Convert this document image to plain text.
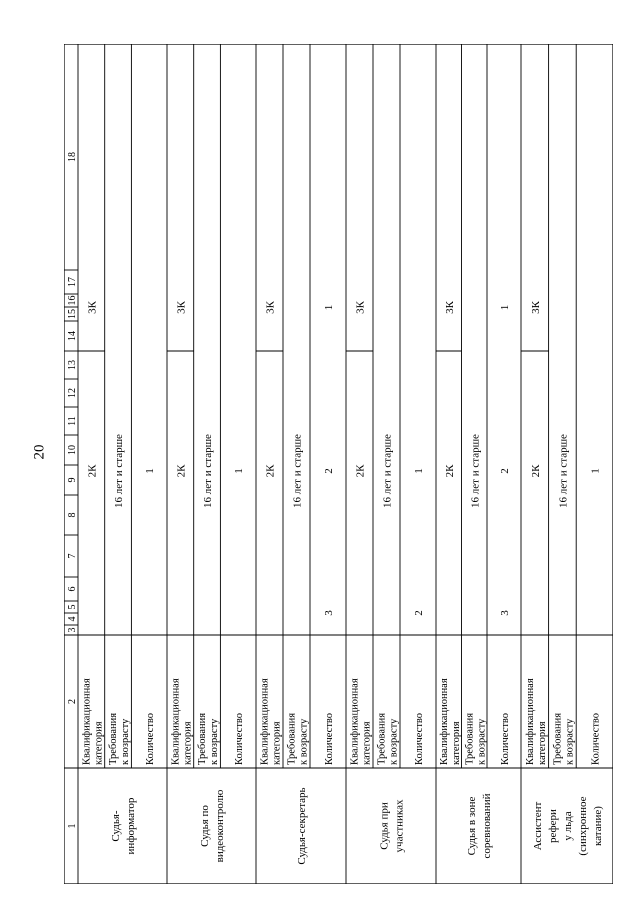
20
1
2
3
4
5
6
7
8
9
10
11
12
13
14
15
16
17
18
Судья- информатор
Квалификационная категория
2К
3К
Требования к возрасту
16 лет и старше
Количество
1
Судья по видеоконтролю
Квалификационная категория
2К
3К
Требования к возрасту
16 лет и старше
Количество
1
Судья-секретарь
Квалификационная категория
2К
3К
Требования к возрасту
16 лет и старше
Количество
3
2
1
Судья при участниках
Квалификационная категория
2К
3К
Требования к возрасту
16 лет и старше
Количество
2
1
Судья в зоне соревнований
Квалификационная категория
2К
3К
Требования к возрасту
16 лет и старше
Количество
3
2
1
Ассистент рефери у льда (синхронное катание)
Квалификационная категория
2К
3К
Требования к возрасту
16 лет и старше
Количество
1
